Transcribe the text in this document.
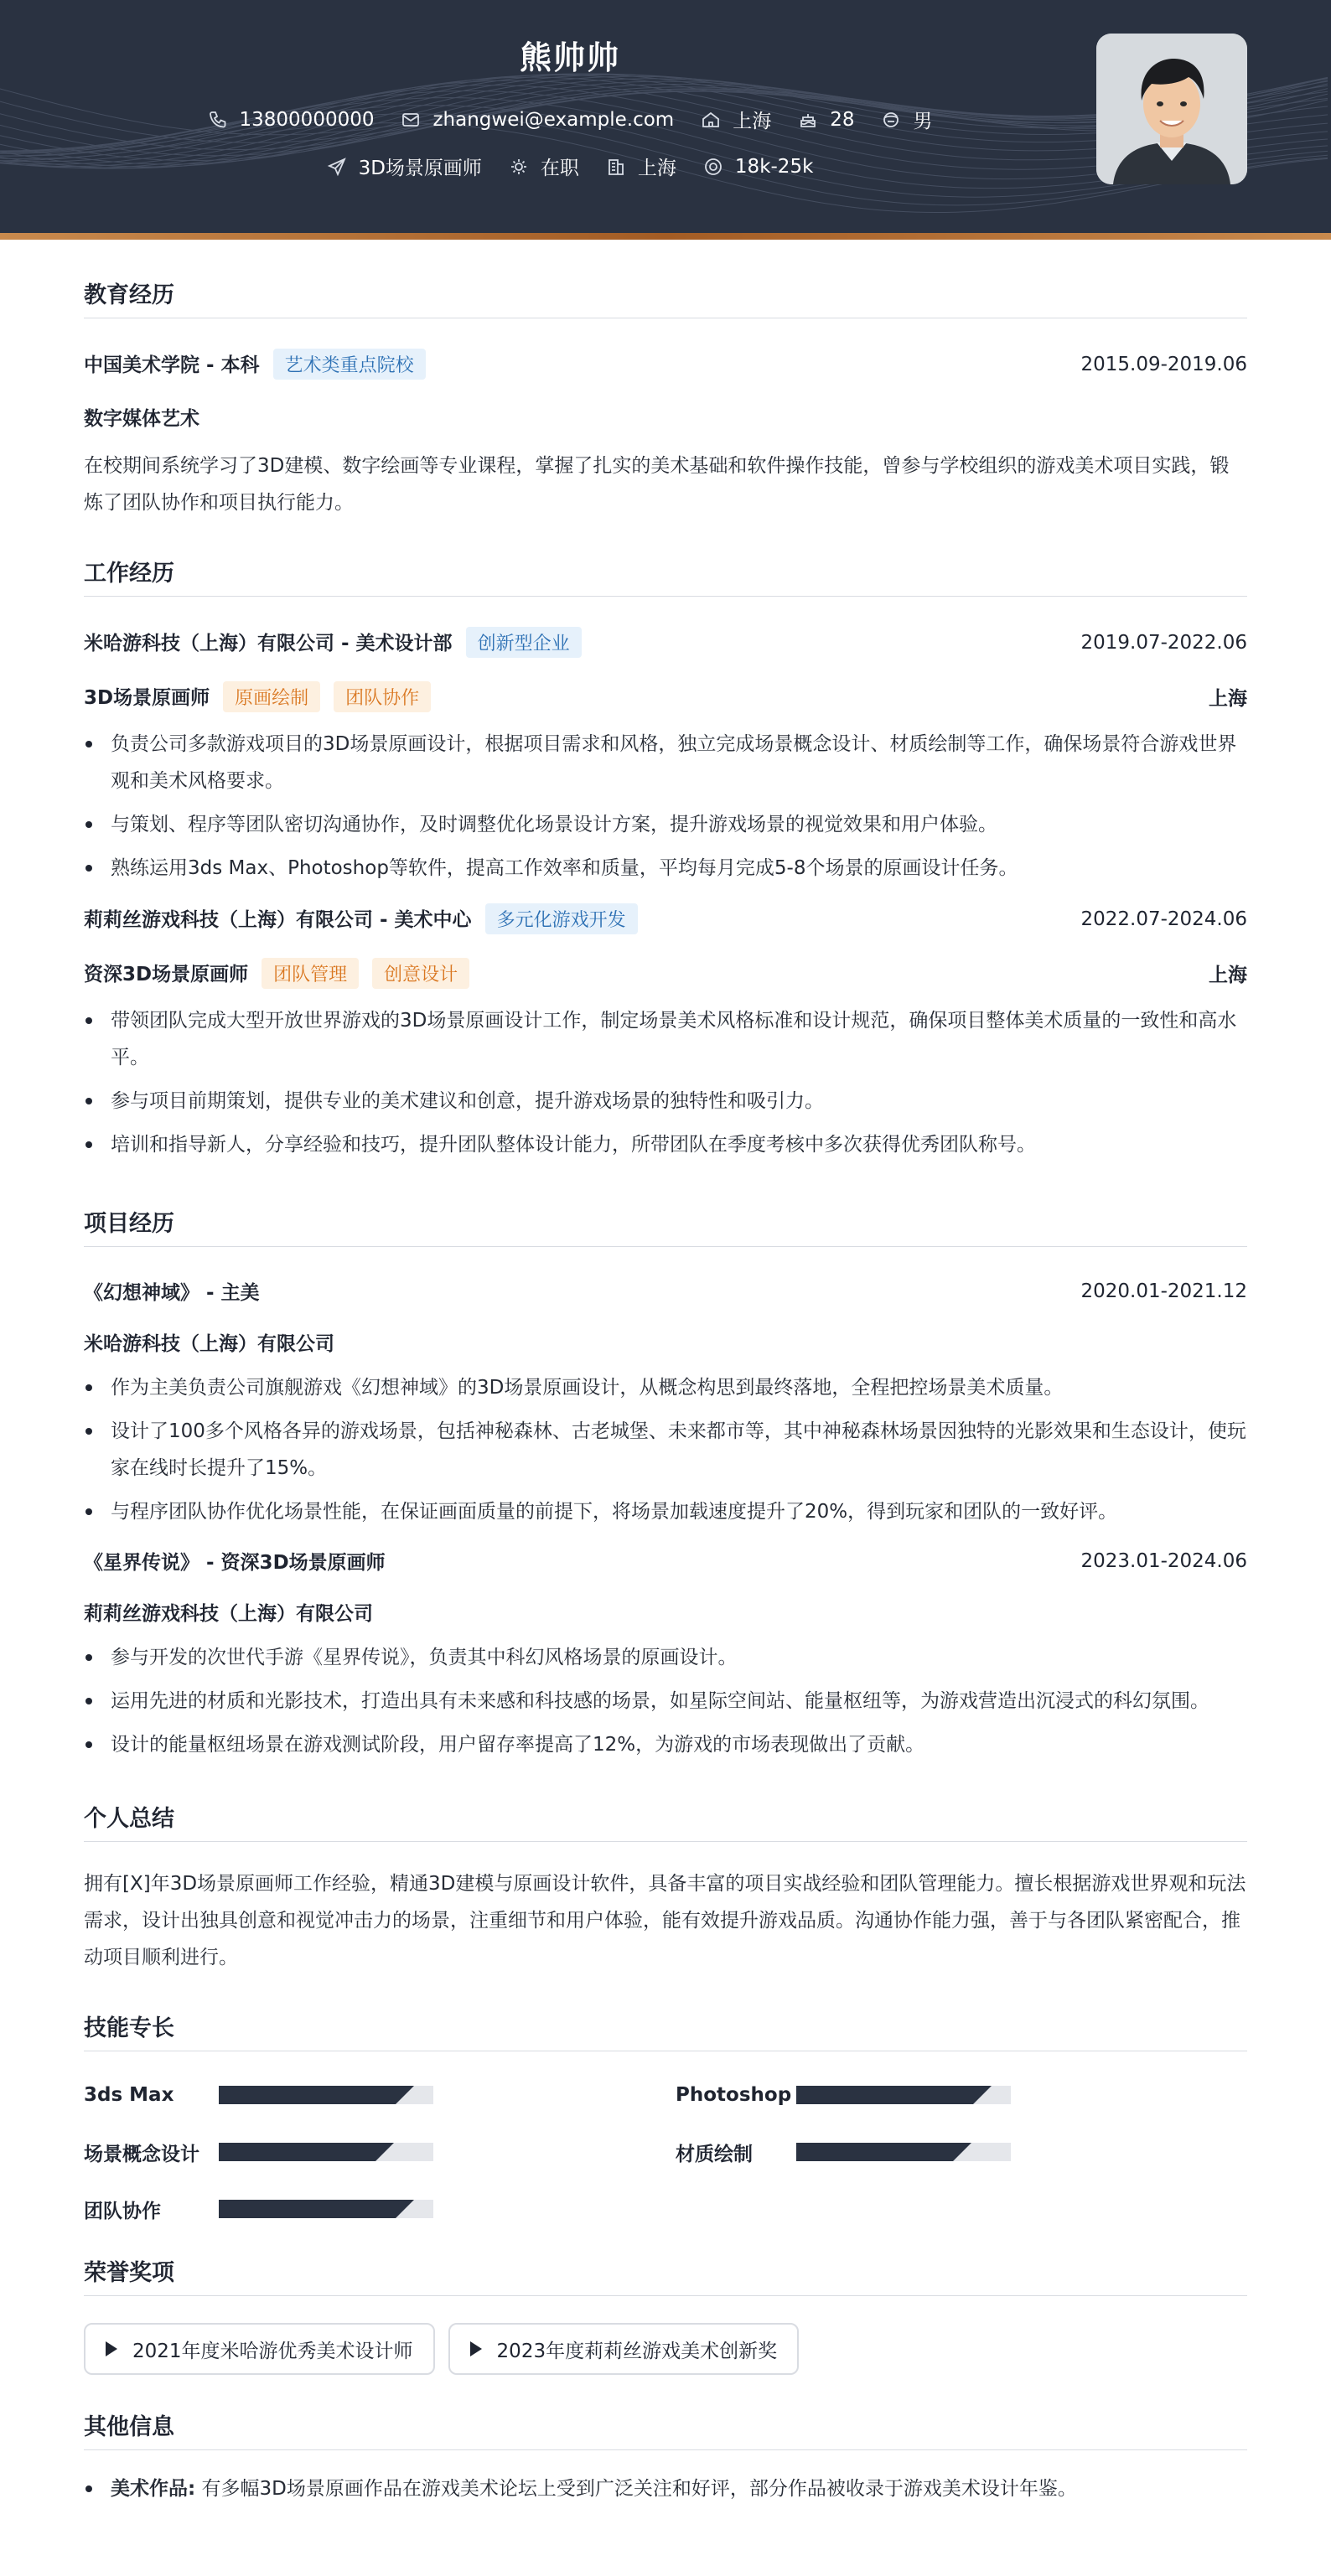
熊帅帅
13800000000	zhangwei@example.com	上海	28	男
3D场景原画师	在职	上海	18k-25k
教育经历
中国美术学院 - 本科 艺术类重点院校	2015.09-2019.06
数字媒体艺术
在校期间系统学习了3D建模、数字绘画等专业课程，掌握了扎实的美术基础和软件操作技能，曾参与学校组织的游戏美术项目实践，锻炼了团队协作和项目执行能力。
工作经历
米哈游科技（上海）有限公司 - 美术设计部 创新型企业	2019.07-2022.06
3D场景原画师 原画绘制 团队协作	上海
负责公司多款游戏项目的3D场景原画设计，根据项目需求和风格，独立完成场景概念设计、材质绘制等工作，确保场景符合游戏世界观和美术风格要求。
与策划、程序等团队密切沟通协作，及时调整优化场景设计方案，提升游戏场景的视觉效果和用户体验。
熟练运用3ds Max、Photoshop等软件，提高工作效率和质量，平均每月完成5-8个场景的原画设计任务。
莉莉丝游戏科技（上海）有限公司 - 美术中心 多元化游戏开发	2022.07-2024.06
资深3D场景原画师 团队管理 创意设计	上海
带领团队完成大型开放世界游戏的3D场景原画设计工作，制定场景美术风格标准和设计规范，确保项目整体美术质量的一致性和高水平。
参与项目前期策划，提供专业的美术建议和创意，提升游戏场景的独特性和吸引力。
培训和指导新人，分享经验和技巧，提升团队整体设计能力，所带团队在季度考核中多次获得优秀团队称号。
项目经历
《幻想神域》 - 主美	2020.01-2021.12
米哈游科技（上海）有限公司
作为主美负责公司旗舰游戏《幻想神域》的3D场景原画设计，从概念构思到最终落地，全程把控场景美术质量。
设计了100多个风格各异的游戏场景，包括神秘森林、古老城堡、未来都市等，其中神秘森林场景因独特的光影效果和生态设计，使玩家在线时长提升了15%。
与程序团队协作优化场景性能，在保证画面质量的前提下，将场景加载速度提升了20%，得到玩家和团队的一致好评。
《星界传说》 - 资深3D场景原画师	2023.01-2024.06
莉莉丝游戏科技（上海）有限公司
参与开发的次世代手游《星界传说》，负责其中科幻风格场景的原画设计。
运用先进的材质和光影技术，打造出具有未来感和科技感的场景，如星际空间站、能量枢纽等，为游戏营造出沉浸式的科幻氛围。
设计的能量枢纽场景在游戏测试阶段，用户留存率提高了12%，为游戏的市场表现做出了贡献。
个人总结
拥有[X]年3D场景原画师工作经验，精通3D建模与原画设计软件，具备丰富的项目实战经验和团队管理能力。擅长根据游戏世界观和玩法需求，设计出独具创意和视觉冲击力的场景，注重细节和用户体验，能有效提升游戏品质。沟通协作能力强，善于与各团队紧密配合，推动项目顺利进行。
技能专长
3ds Max	Photoshop
场景概念设计	材质绘制
团队协作
荣誉奖项
2021年度米哈游优秀美术设计师	2023年度莉莉丝游戏美术创新奖
其他信息
美术作品: 有多幅3D场景原画作品在游戏美术论坛上受到广泛关注和好评，部分作品被收录于游戏美术设计年鉴。
